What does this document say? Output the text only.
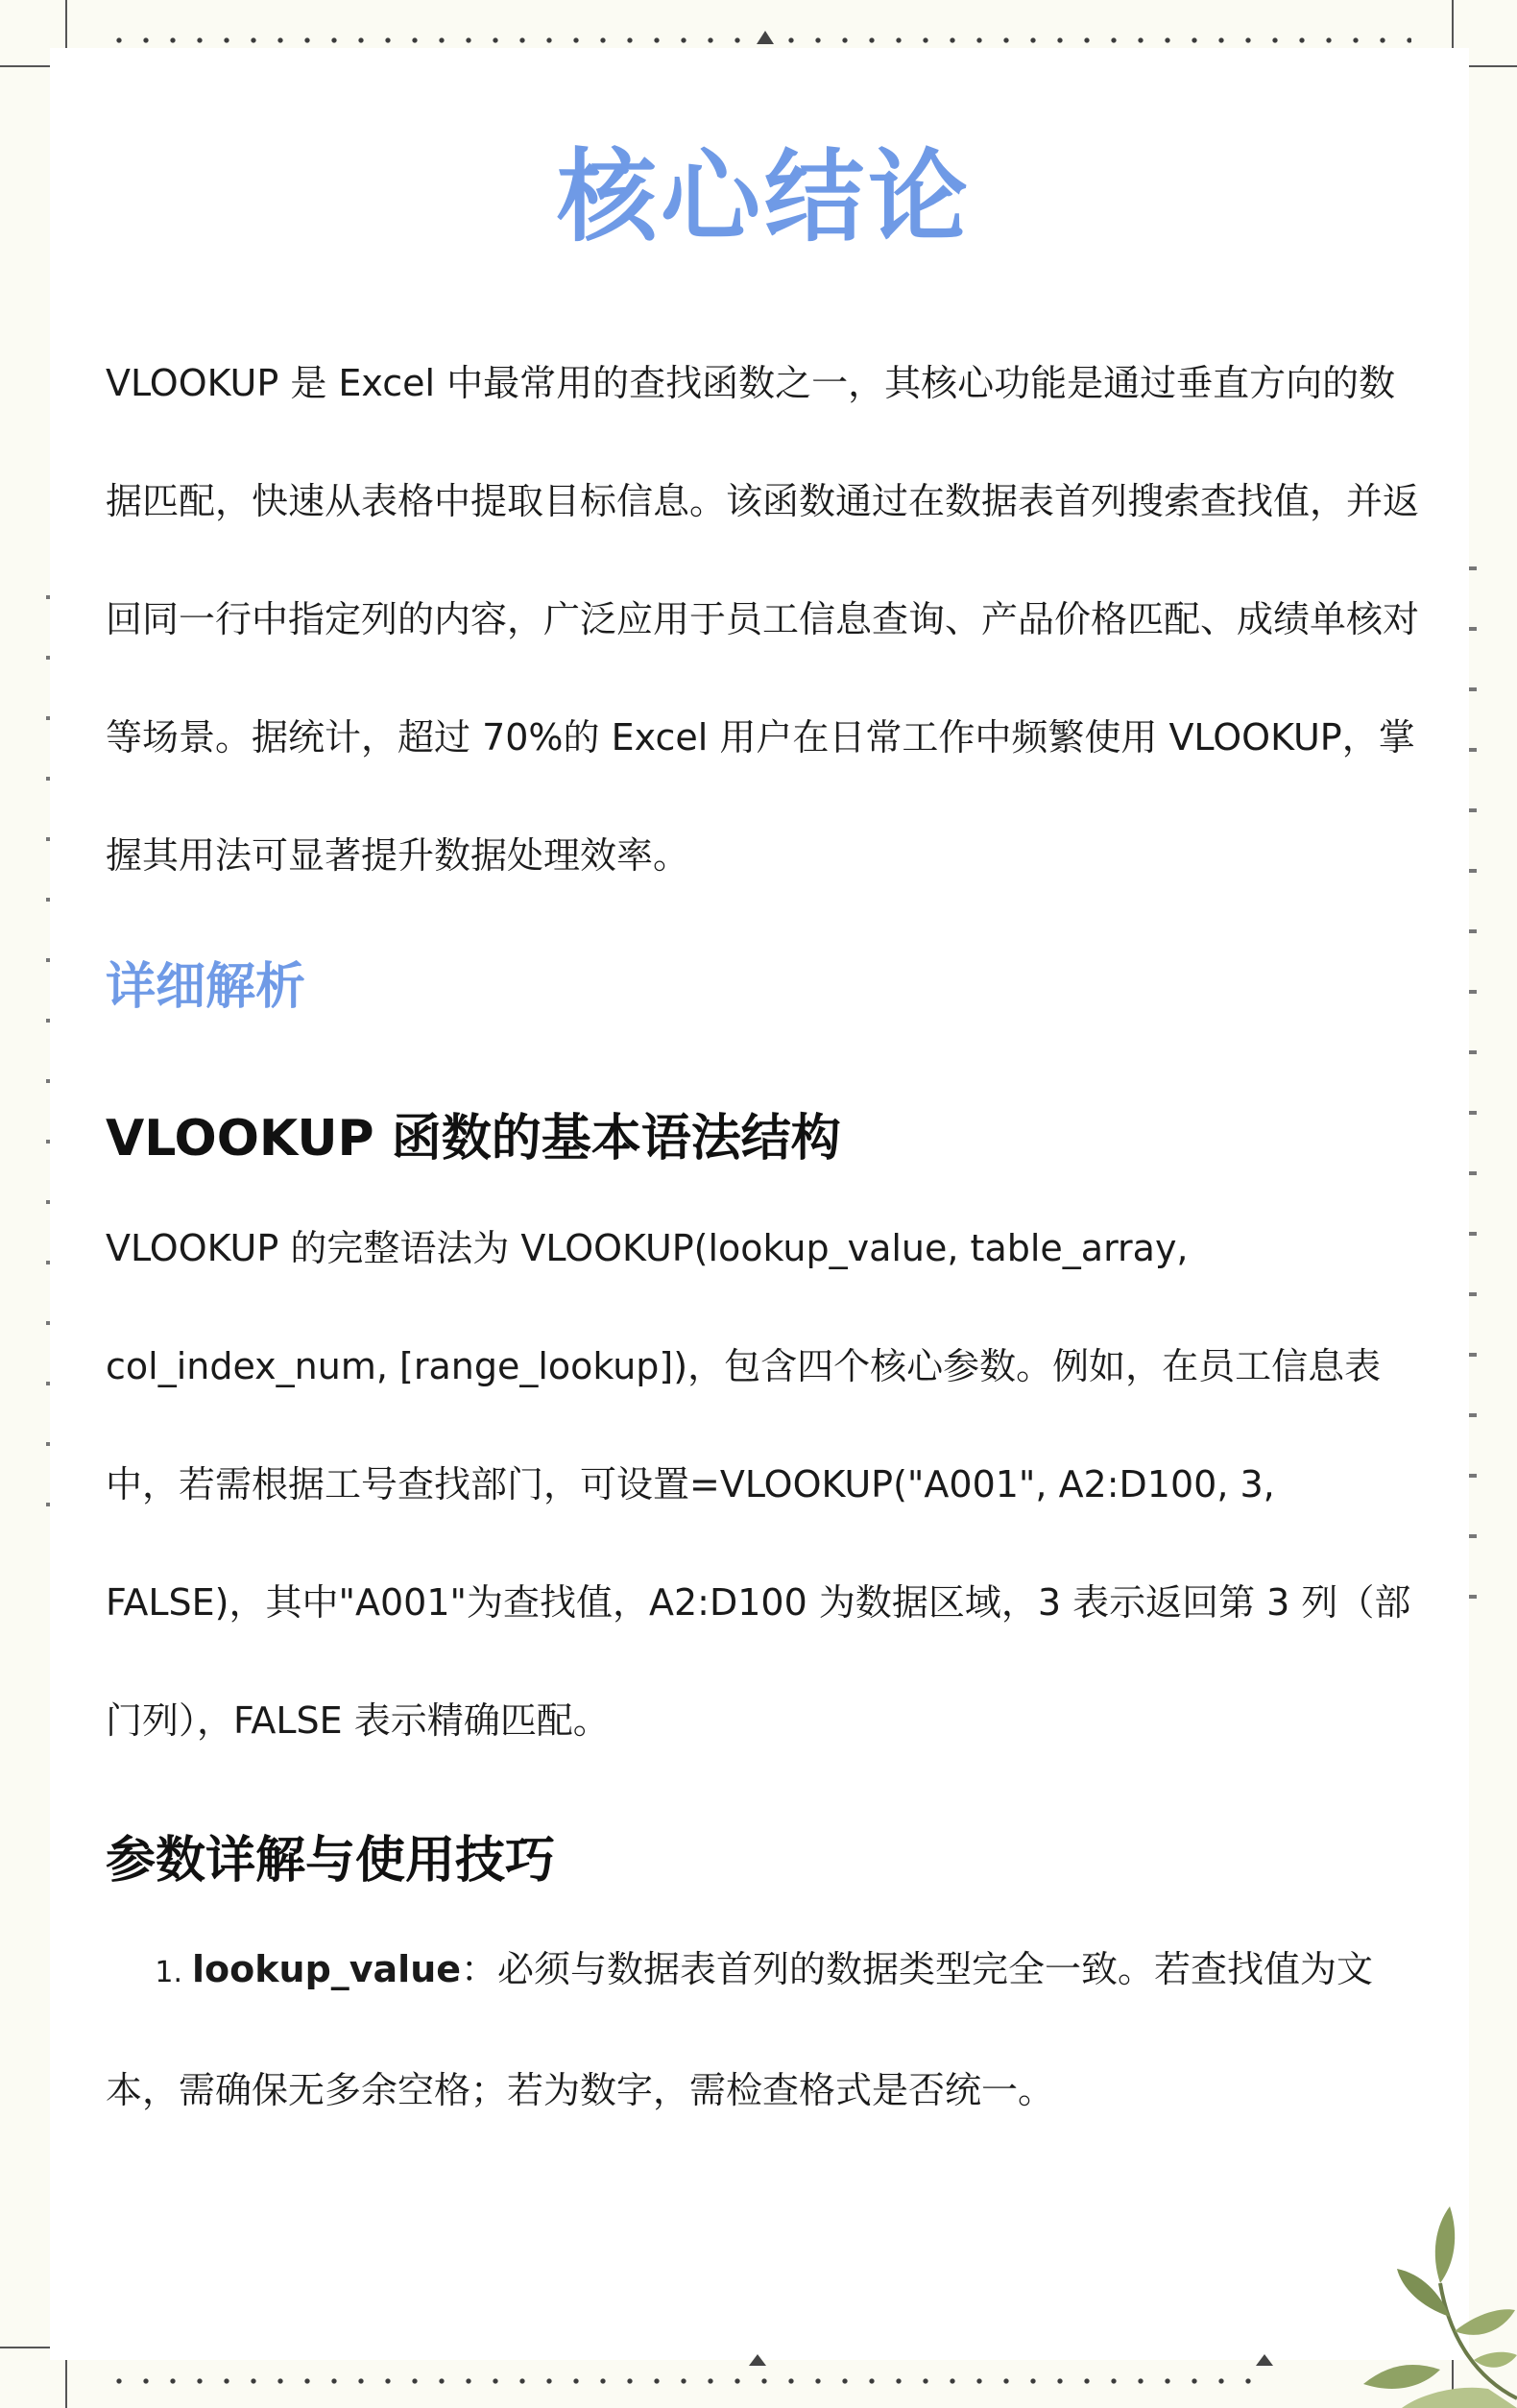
核心结论

VLOOKUP 是 Excel 中最常用的查找函数之一，其核心功能是通过垂直方向的数据匹配，快速从表格中提取目标信息。该函数通过在数据表首列搜索查找值，并返回同一行中指定列的内容，广泛应用于员工信息查询、产品价格匹配、成绩单核对等场景。据统计，超过 70%的 Excel 用户在日常工作中频繁使用 VLOOKUP，掌握其用法可显著提升数据处理效率。

详细解析
VLOOKUP 函数的基本语法结构

VLOOKUP 的完整语法为 VLOOKUP(lookup_value, table_array, col_index_num, [range_lookup])，包含四个核心参数。例如，在员工信息表中，若需根据工号查找部门，可设置=VLOOKUP("A001", A2:D100, 3, FALSE)，其中"A001"为查找值，A2:D100 为数据区域，3 表示返回第 3 列（部门列），FALSE 表示精确匹配。

参数详解与使用技巧

1. lookup_value：必须与数据表首列的数据类型完全一致。若查找值为文本，需确保无多余空格；若为数字，需检查格式是否统一。
